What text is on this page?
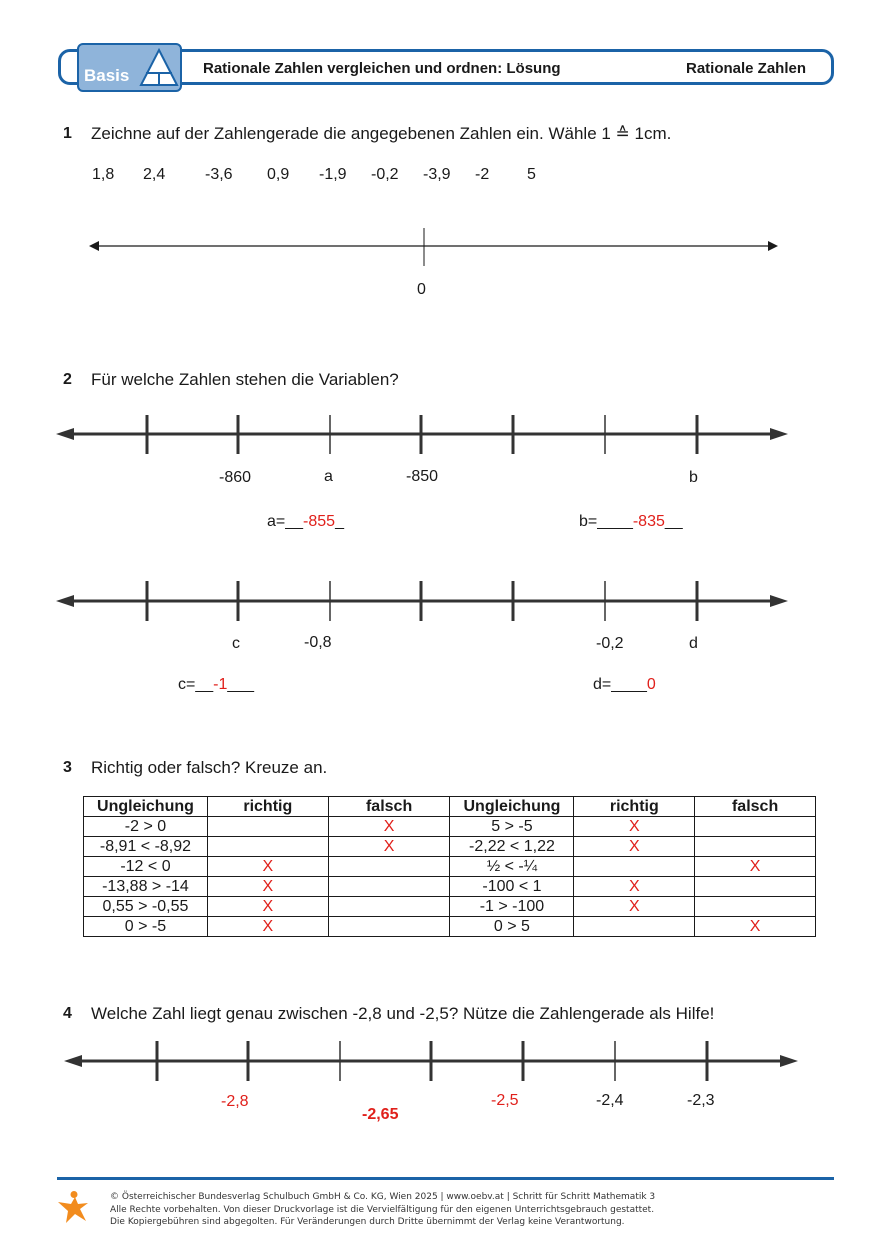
Basis	Rationale Zahlen vergleichen und ordnen: Lösung	Rationale Zahlen
1 Zeichne auf der Zahlengerade die angegebenen Zahlen ein. Wähle 1 ≙ 1cm.
1,8 2,4 -3,6 0,9 -1,9 -0,2 -3,9 -2 5
0
2 Für welche Zahlen stehen die Variablen?
-860	a	-850	b
a=__-855_	b=____-835__
c	-0,8	-0,2	d
c=__-1___	d=____0
3 Richtig oder falsch? Kreuze an.
Ungleichung	richtig	falsch	Ungleichung	richtig	falsch
-2 > 0		X	5 > -5	X	
-8,91 < -8,92		X	-2,22 < 1,22	X	
-12 < 0	X		½ < -¼		X
-13,88 > -14	X		-100 < 1	X	
0,55 > -0,55	X		-1 > -100	X	
0 > -5	X		0 > 5		X
4 Welche Zahl liegt genau zwischen -2,8 und -2,5? Nütze die Zahlengerade als Hilfe!
-2,8	-2,5	-2,4	-2,3
-2,65
© Österreichischer Bundesverlag Schulbuch GmbH & Co. KG, Wien 2025 | www.oebv.at | Schritt für Schritt Mathematik 3
Alle Rechte vorbehalten. Von dieser Druckvorlage ist die Vervielfältigung für den eigenen Unterrichtsgebrauch gestattet.
Die Kopiergebühren sind abgegolten. Für Veränderungen durch Dritte übernimmt der Verlag keine Verantwortung.
